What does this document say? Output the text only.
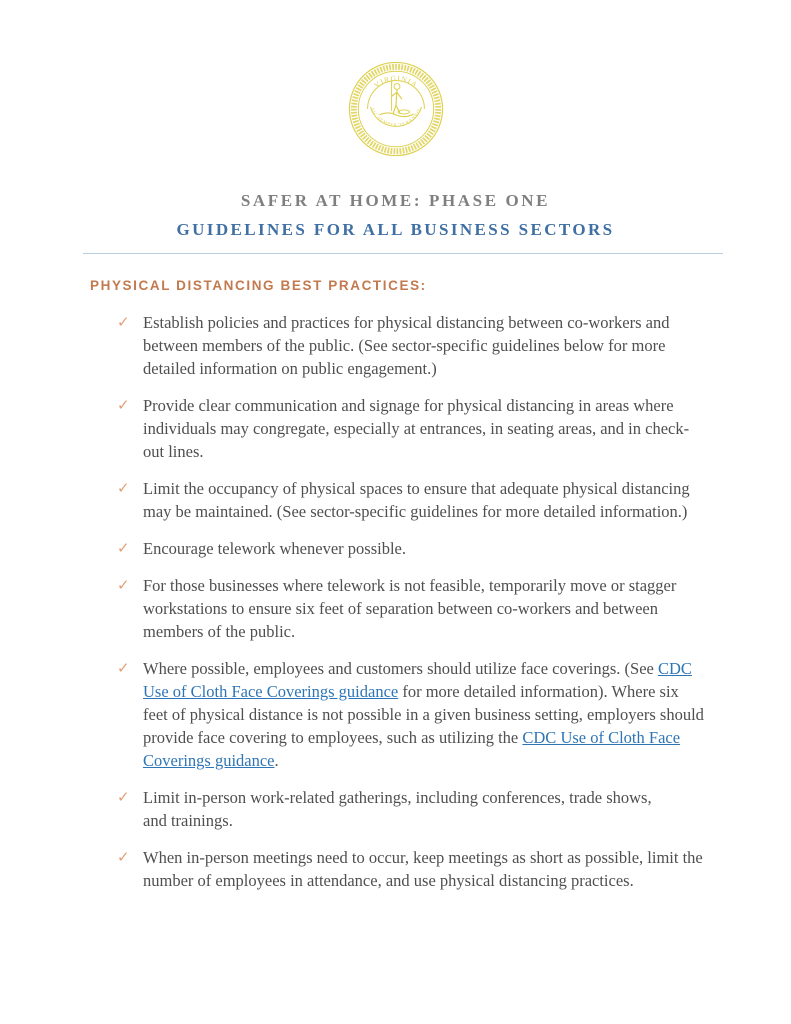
VIRGINIA
SIC SEMPER TYRANNIS

SAFER AT HOME: PHASE ONE

GUIDELINES FOR ALL BUSINESS SECTORS

PHYSICAL DISTANCING BEST PRACTICES:
✓ Establish policies and practices for physical distancing between co-workers and between members of the public. (See sector-specific guidelines below for more detailed information on public engagement.)
✓ Provide clear communication and signage for physical distancing in areas where individuals may congregate, especially at entrances, in seating areas, and in check-out lines.
✓ Limit the occupancy of physical spaces to ensure that adequate physical distancing may be maintained. (See sector-specific guidelines for more detailed information.)
✓ Encourage telework whenever possible.
✓ For those businesses where telework is not feasible, temporarily move or stagger workstations to ensure six feet of separation between co-workers and between members of the public.
✓ Where possible, employees and customers should utilize face coverings. (See CDC Use of Cloth Face Coverings guidance for more detailed information). Where six feet of physical distance is not possible in a given business setting, employers should provide face covering to employees, such as utilizing the CDC Use of Cloth Face Coverings guidance.
✓ Limit in-person work-related gatherings, including conferences, trade shows,
and trainings.
✓ When in-person meetings need to occur, keep meetings as short as possible, limit the number of employees in attendance, and use physical distancing practices.
